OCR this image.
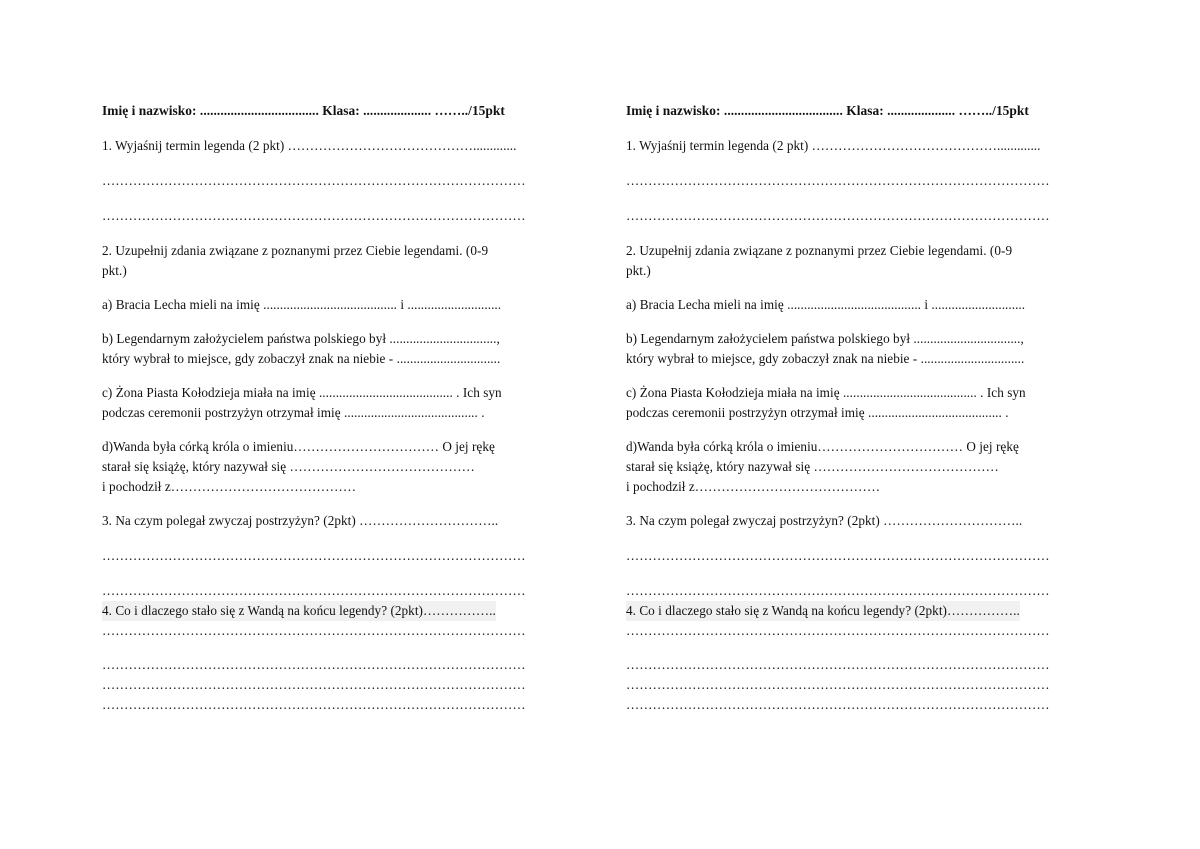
Imię i nazwisko: ................................... Klasa: .................... ……../15pkt
1. Wyjaśnij termin legenda (2 pkt) …………………………………….............
……………………………………………………………………………………
……………………………………………………………………………………
2. Uzupełnij zdania związane z poznanymi przez Ciebie legendami. (0-9
pkt.)
a) Bracia Lecha mieli na imię ........................................ i ............................
b) Legendarnym założycielem państwa polskiego był ................................,
który wybrał to miejsce, gdy zobaczył znak na niebie - ...............................
c) Żona Piasta Kołodzieja miała na imię ........................................ . Ich syn
podczas ceremonii postrzyżyn otrzymał imię ........................................ .
d)Wanda była córką króla o imieniu…………………………… O jej rękę
starał się książę, który nazywał się ……………………………………
i pochodził z……………………………………
3. Na czym polegał zwyczaj postrzyżyn? (2pkt) …………………………..
……………………………………………………………………………………
……………………………………………………………………………………
4. Co i dlaczego stało się z Wandą na końcu legendy? (2pkt)……………..
……………………………………………………………………………………
……………………………………………………………………………………
……………………………………………………………………………………
……………………………………………………………………………………
Imię i nazwisko: ................................... Klasa: .................... ……../15pkt
1. Wyjaśnij termin legenda (2 pkt) …………………………………….............
……………………………………………………………………………………
……………………………………………………………………………………
2. Uzupełnij zdania związane z poznanymi przez Ciebie legendami. (0-9
pkt.)
a) Bracia Lecha mieli na imię ........................................ i ............................
b) Legendarnym założycielem państwa polskiego był ................................,
który wybrał to miejsce, gdy zobaczył znak na niebie - ...............................
c) Żona Piasta Kołodzieja miała na imię ........................................ . Ich syn
podczas ceremonii postrzyżyn otrzymał imię ........................................ .
d)Wanda była córką króla o imieniu…………………………… O jej rękę
starał się książę, który nazywał się ……………………………………
i pochodził z……………………………………
3. Na czym polegał zwyczaj postrzyżyn? (2pkt) …………………………..
……………………………………………………………………………………
……………………………………………………………………………………
4. Co i dlaczego stało się z Wandą na końcu legendy? (2pkt)……………..
……………………………………………………………………………………
……………………………………………………………………………………
……………………………………………………………………………………
……………………………………………………………………………………
